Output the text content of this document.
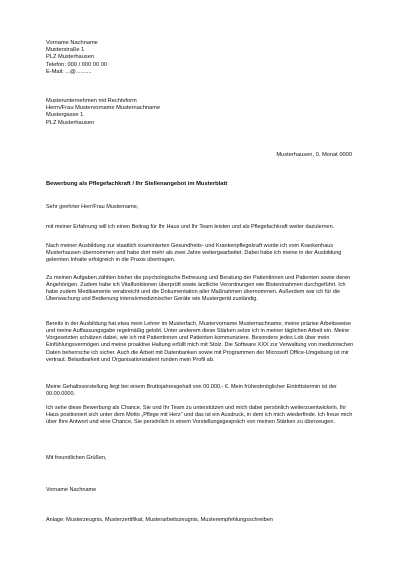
Vorname Nachname
Musterstraße 1
PLZ Musterhausen
Telefon: 000 / 000 00 00
E-Mail: ...@..........
Musterunternehmen mit Rechtsform
Herrn/Frau Mustervorname Musternachname
Mustergasse 1
PLZ Musterhausen
Musterhausen, 0. Monat 0000
Bewerbung als Pflegefachkraft / Ihr Stellenangebot im Musterblatt
Sehr geehrter Herr/Frau Mustername,
mit meiner Erfahrung will ich einen Beitrag für Ihr Haus und Ihr Team leisten und als Pflegefachkraft weiter dazulernen.
Nach meiner Ausbildung zur staatlich examinierten Gesundheits- und Krankenpflegekraft wurde ich vom Krankenhaus Musterhausen übernommen und habe dort mehr als zwei Jahre weitergearbeitet. Dabei habe ich meine in der Ausbildung gelernten Inhalte erfolgreich in die Praxis übertragen.
Zu meinen Aufgaben zählten bisher die psychologische Betreuung und Beratung der Patientinnen und Patienten sowie deren Angehörigen. Zudem habe ich Vitalfunktionen überprüft sowie ärztliche Verordnungen wie Blutentnahmen durchgeführt. Ich habe zudem Medikamente verabreicht und die Dokumentation aller Maßnahmen übernommen. Außerdem war ich für die Überwachung und Bedienung intensivmedizinischer Geräte wie Mustergerät zuständig.
Bereits in der Ausbildung hat etwa mein Lehrer im Musterfach, Mustervorname Musternachname, meine präzise Arbeitsweise und meine Auffassungsgabe regelmäßig gelobt. Unter anderem diese Stärken setze ich in meiner täglichen Arbeit ein. Meine Vorgesetzten schätzen dabei, wie ich mit Patientinnen und Patienten kommuniziere. Besonders jedes Lob über mein Einfühlungsvermögen und meine proaktive Haltung erfüllt mich mit Stolz. Die Software XXX zur Verwaltung von medizinischen Daten beherrsche ich sicher. Auch die Arbeit mit Datenbanken sowie mit Programmen der Microsoft Office-Umgebung ist mir vertraut. Belastbarkeit und Organisationstalent runden mein Profil ab.
Meine Gehaltsvorstellung liegt bei einem Bruttojahresgehalt von 00.000,- €. Mein frühestmöglicher Eintrittstermin ist der 00.00.0000.
Ich sehe diese Bewerbung als Chance, Sie und Ihr Team zu unterstützen und mich dabei persönlich weiterzuentwickeln. Ihr Haus positioniert sich unter dem Motto „Pflege mit Herz“ und das ist ein Ausdruck, in dem ich mich wiederfinde. Ich freue mich über Ihre Antwort und eine Chance, Sie persönlich in einem Vorstellungsgespräch von meinen Stärken zu überzeugen.
Mit freundlichen Grüßen,
Vorname Nachname
Anlage: Musterzeugnis, Musterzertifikat, Musterarbeitszeugnis, Musterempfehlungsschreiben
